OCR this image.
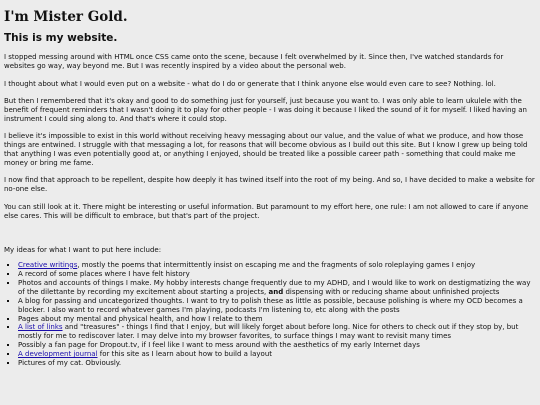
I'm Mister Gold.
This is my website.

I stopped messing around with HTML once CSS came onto the scene, because I felt overwhelmed by it. Since then, I've watched standards for websites go way, way beyond me. But I was recently inspired by a video about the personal web.

I thought about what I would even put on a website - what do I do or generate that I think anyone else would even care to see? Nothing. lol.

But then I remembered that it's okay and good to do something just for yourself, just because you want to. I was only able to learn ukulele with the benefit of frequent reminders that I wasn't doing it to play for other people - I was doing it because I liked the sound of it for myself. I liked having an instrument I could sing along to. And that's where it could stop.

I believe it's impossible to exist in this world without receiving heavy messaging about our value, and the value of what we produce, and how those things are entwined. I struggle with that messaging a lot, for reasons that will become obvious as I build out this site. But I know I grew up being told that anything I was even potentially good at, or anything I enjoyed, should be treated like a possible career path - something that could make me money or bring me fame.

I now find that approach to be repellent, despite how deeply it has twined itself into the root of my being. And so, I have decided to make a website for no-one else.

You can still look at it. There might be interesting or useful information. But paramount to my effort here, one rule: I am not allowed to care if anyone else cares. This will be difficult to embrace, but that's part of the project.

My ideas for what I want to put here include:

▪ Creative writings, mostly the poems that intermittently insist on escaping me and the fragments of solo roleplaying games I enjoy
▪ A record of some places where I have felt history
▪ Photos and accounts of things I make. My hobby interests change frequently due to my ADHD, and I would like to work on destigmatizing the way of the dilettante by recording my excitement about starting a projects, and dispensing with or reducing shame about unfinished projects
▪ A blog for passing and uncategorized thoughts. I want to try to polish these as little as possible, because polishing is where my OCD becomes a blocker. I also want to record whatever games I'm playing, podcasts I'm listening to, etc along with the posts
▪ Pages about my mental and physical health, and how I relate to them
▪ A list of links and "treasures" - things I find that I enjoy, but will likely forget about before long. Nice for others to check out if they stop by, but mostly for me to rediscover later. I may delve into my browser favorites, to surface things I may want to revisit many times
▪ Possibly a fan page for Dropout.tv, if I feel like I want to mess around with the aesthetics of my early Internet days
▪ A development journal for this site as I learn about how to build a layout
▪ Pictures of my cat. Obviously.
